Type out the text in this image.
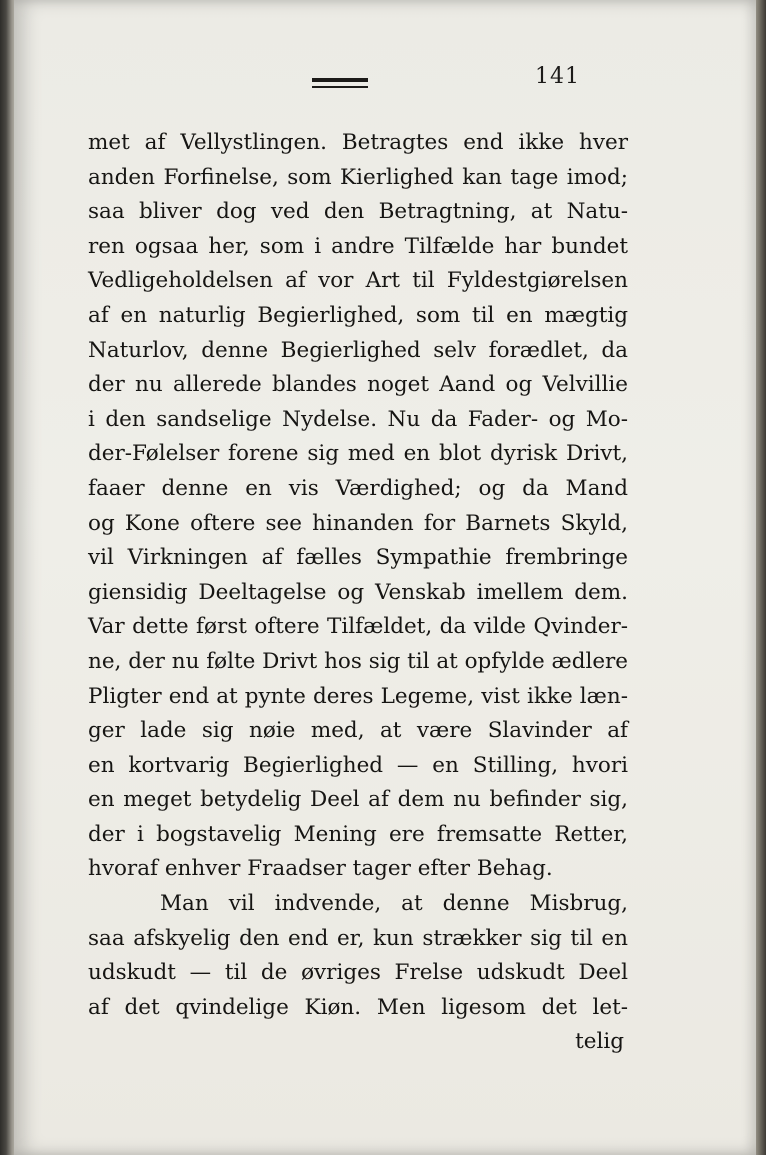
141
met af Vellystlingen. Betragtes end ikke hver
anden Forfinelse, som Kierlighed kan tage imod;
saa bliver dog ved den Betragtning, at Natu-
ren ogsaa her, som i andre Tilfælde har bundet
Vedligeholdelsen af vor Art til Fyldestgiørelsen
af en naturlig Begierlighed, som til en mægtig
Naturlov, denne Begierlighed selv forædlet, da
der nu allerede blandes noget Aand og Velvillie
i den sandselige Nydelse. Nu da Fader- og Mo-
der-Følelser forene sig med en blot dyrisk Drivt,
faaer denne en vis Værdighed; og da Mand
og Kone oftere see hinanden for Barnets Skyld,
vil Virkningen af fælles Sympathie frembringe
giensidig Deeltagelse og Venskab imellem dem.
Var dette først oftere Tilfældet, da vilde Qvinder-
ne, der nu følte Drivt hos sig til at opfylde ædlere
Pligter end at pynte deres Legeme, vist ikke læn-
ger lade sig nøie med, at være Slavinder af
en kortvarig Begierlighed — en Stilling, hvori
en meget betydelig Deel af dem nu befinder sig,
der i bogstavelig Mening ere fremsatte Retter,
hvoraf enhver Fraadser tager efter Behag.
Man vil indvende, at denne Misbrug,
saa afskyelig den end er, kun strækker sig til en
udskudt — til de øvriges Frelse udskudt Deel
af det qvindelige Kiøn. Men ligesom det let-
telig
